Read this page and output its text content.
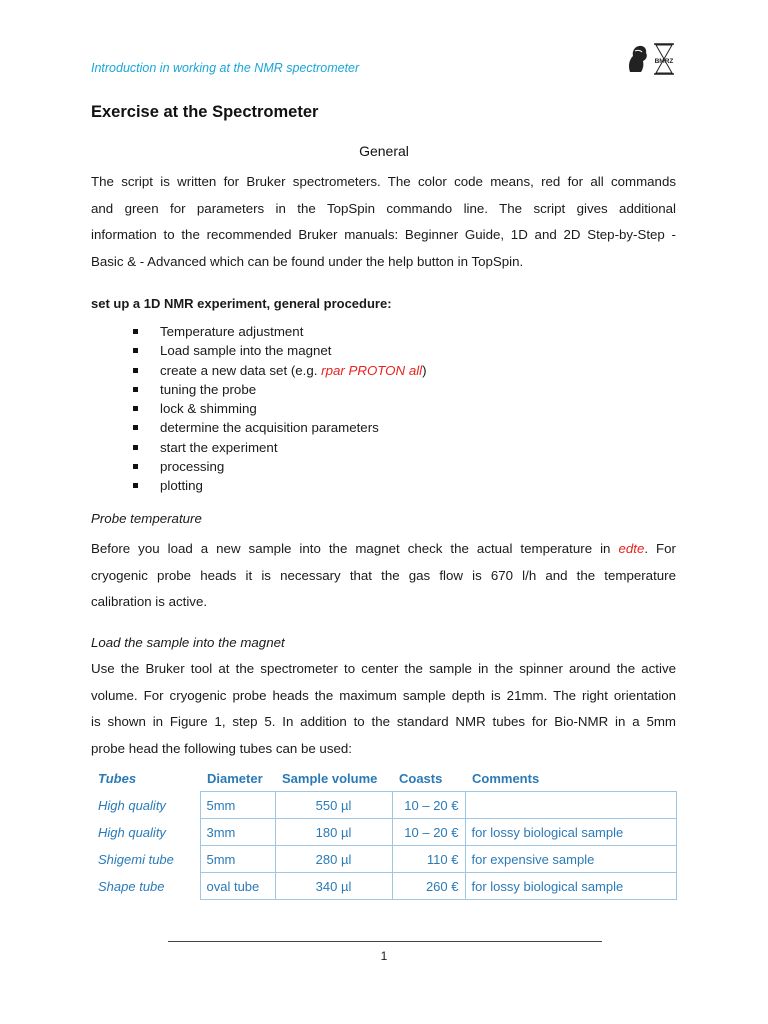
Introduction in working at the NMR spectrometer	BMRZ
Exercise at the Spectrometer
General
The script is written for Bruker spectrometers. The color code means, red for all commands
and green for parameters in the TopSpin commando line. The script gives additional
information to the recommended Bruker manuals: Beginner Guide, 1D and 2D Step-by-Step -
Basic & - Advanced which can be found under the help button in TopSpin.
set up a 1D NMR experiment, general procedure:
Temperature adjustment
Load sample into the magnet
create a new data set (e.g. rpar PROTON all)
tuning the probe
lock & shimming
determine the acquisition parameters
start the experiment
processing
plotting
Probe temperature
Before you load a new sample into the magnet check the actual temperature in edte. For
cryogenic probe heads it is necessary that the gas flow is 670 l/h and the temperature
calibration is active.
Load the sample into the magnet
Use the Bruker tool at the spectrometer to center the sample in the spinner around the active
volume. For cryogenic probe heads the maximum sample depth is 21mm. The right orientation
is shown in Figure 1, step 5. In addition to the standard NMR tubes for Bio-NMR in a 5mm
probe head the following tubes can be used:
Tubes	Diameter	Sample volume	Coasts	Comments
High quality	5mm	550 µl	10 – 20 €	
High quality	3mm	180 µl	10 – 20 €	for lossy biological sample
Shigemi tube	5mm	280 µl	110 €	for expensive sample
Shape tube	oval tube	340 µl	260 €	for lossy biological sample
1
